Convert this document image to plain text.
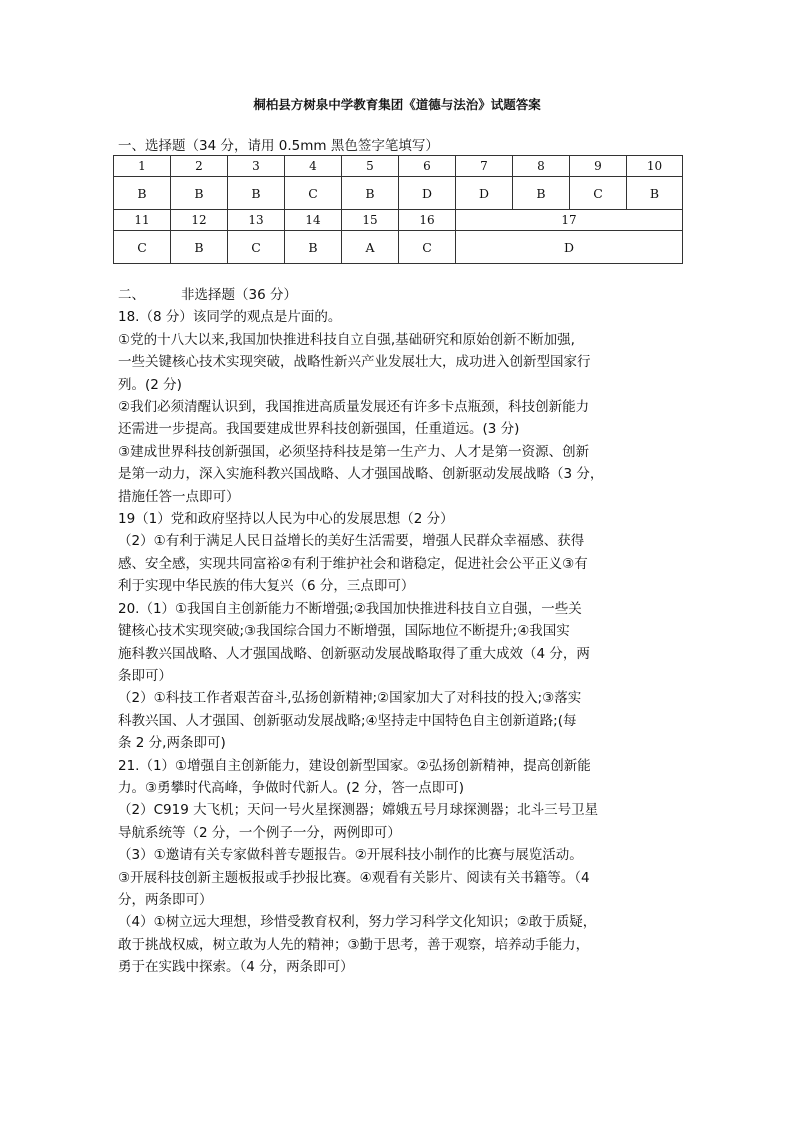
桐柏县方树泉中学教育集团《道德与法治》试题答案
一、选择题（34 分，请用 0.5mm 黑色签字笔填写）
1	2	3	4	5	6	7	8	9	10
B	B	B	C	B	D	D	B	C	B
11	12	13	14	15	16	17			
C	B	C	B	A	C	D			

二、	非选择题（36 分）

18.（8 分）该同学的观点是片面的。

①党的十八大以来,我国加快推进科技自立自强,基础研究和原始创新不断加强,

一些关键核心技术实现突破，战略性新兴产业发展壮大，成功进入创新型国家行

列。(2 分)

②我们必须清醒认识到，我国推进高质量发展还有许多卡点瓶颈，科技创新能力

还需进一步提高。我国要建成世界科技创新强国，任重道远。(3 分)

③建成世界科技创新强国，必须坚持科技是第一生产力、人才是第一资源、创新

是第一动力，深入实施科教兴国战略、人才强国战略、创新驱动发展战略（3 分，

措施任答一点即可）

19（1）党和政府坚持以人民为中心的发展思想（2 分）

（2）①有利于满足人民日益增长的美好生活需要，增强人民群众幸福感、获得

感、安全感，实现共同富裕②有利于维护社会和谐稳定，促进社会公平正义③有

利于实现中华民族的伟大复兴（6 分，三点即可）

20.（1）①我国自主创新能力不断增强;②我国加快推进科技自立自强，一些关

键核心技术实现突破;③我国综合国力不断增强，国际地位不断提升;④我国实

施科教兴国战略、人才强国战略、创新驱动发展战略取得了重大成效（4 分，两

条即可）

（2）①科技工作者艰苦奋斗,弘扬创新精神;②国家加大了对科技的投入;③落实

科教兴国、人才强国、创新驱动发展战略;④坚持走中国特色自主创新道路;(每

条 2 分,两条即可)

21.（1）①增强自主创新能力，建设创新型国家。②弘扬创新精神，提高创新能

力。③勇攀时代高峰，争做时代新人。(2 分，答一点即可)

（2）C919 大飞机；天问一号火星探测器；嫦娥五号月球探测器；北斗三号卫星

导航系统等（2 分，一个例子一分，两例即可）

（3）①邀请有关专家做科普专题报告。②开展科技小制作的比赛与展览活动。

③开展科技创新主题板报或手抄报比赛。④观看有关影片、阅读有关书籍等。（4

分，两条即可）

（4）①树立远大理想，珍惜受教育权利，努力学习科学文化知识；②敢于质疑，

敢于挑战权威，树立敢为人先的精神；③勤于思考，善于观察，培养动手能力，

勇于在实践中探索。（4 分，两条即可）
